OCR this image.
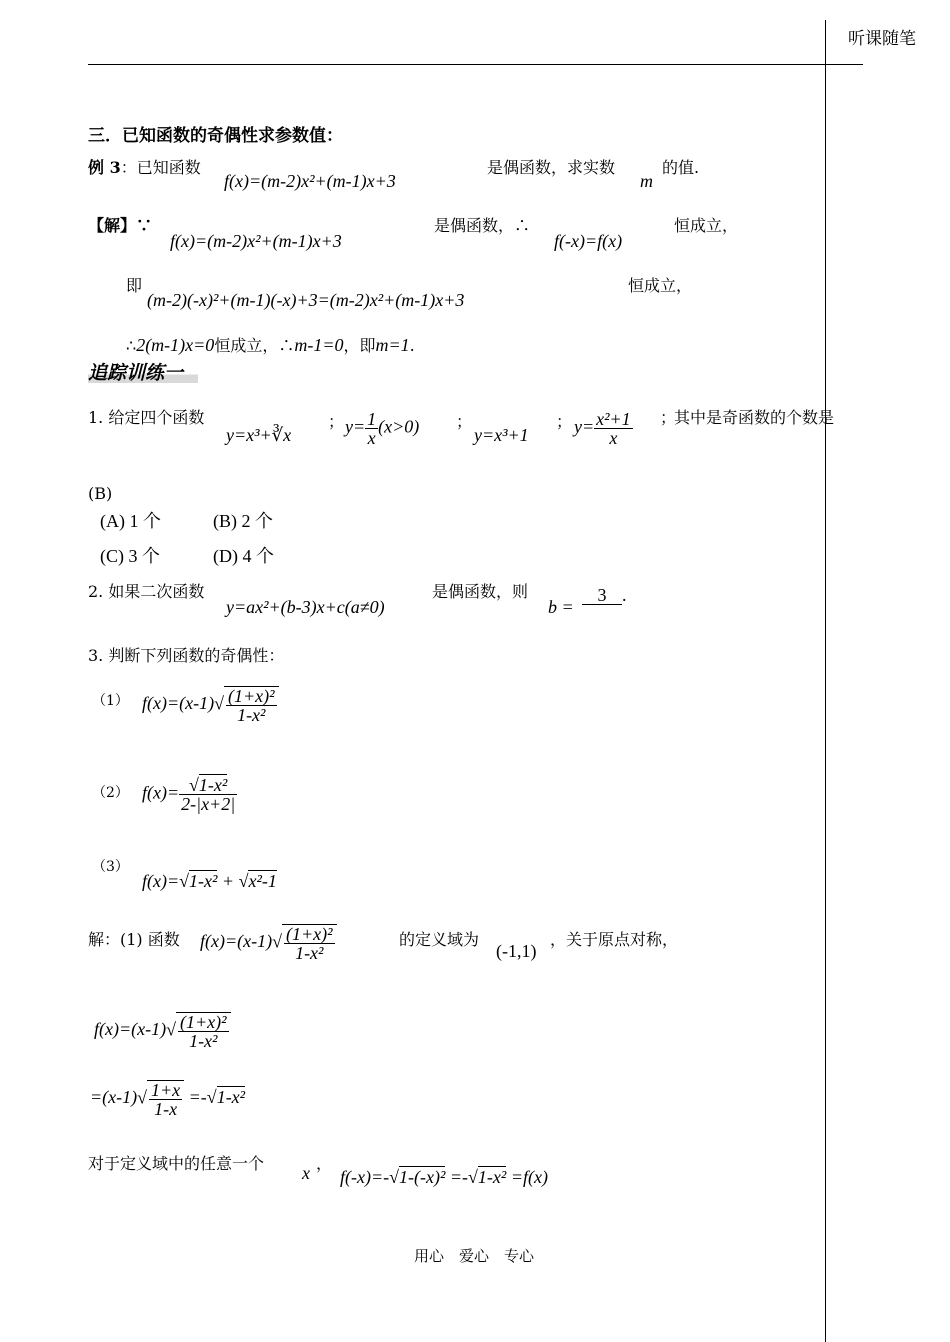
听课随笔
三．已知函数的奇偶性求参数值：
例 3：已知函数
f(x)=(m-2)x²+(m-1)x+3
是偶函数，求实数
m
的值.
【解】∵
f(x)=(m-2)x²+(m-1)x+3
是偶函数，∴
f(-x)=f(x)
恒成立，
即
(m-2)(-x)²+(m-1)(-x)+3=(m-2)x²+(m-1)x+3
恒成立，
∴2(m-1)x=0恒成立，∴m-1=0，即m=1.
追踪训练一
1. 给定四个函数
y=x³+∛x
； $y= \frac{1}{x} (x>0)$ ；
y=x³+1
； $y= \frac{\text{x²+1}}{x}$ ；
其中是奇函数的个数是
(B)
(A) 1 个	(B) 2 个
(C) 3 个	(D) 4 个
2. 如果二次函数
y=ax²+(b-3)x+c(a≠0)
是偶函数，则
b =
3 .
3. 判断下列函数的奇偶性：
（1） $f(x)=(x-1)√ \frac{\text{(1+x)²}}{\text{1-x²}}$
（2） $f(x)= \frac{\text{√1-x²}}{2-|x+2|}$
（3）
f(x)=√1-x² + √x²-1
解：(1) 函数 $f(x)=(x-1)√ \frac{\text{(1+x)²}}{\text{1-x²}}$	的定义域为
(-1,1)
，关于原点对称，
$f(x)=(x-1)√ \frac{\text{(1+x)²}}{\text{1-x²}}$
$=(x-1)√ \frac{1+x}{1-x} =-√1-x^2$
对于定义域中的任意一个 x ，
f(-x)=-√1-(-x)² =-√1-x² =f(x)
用心　爱心　专心
